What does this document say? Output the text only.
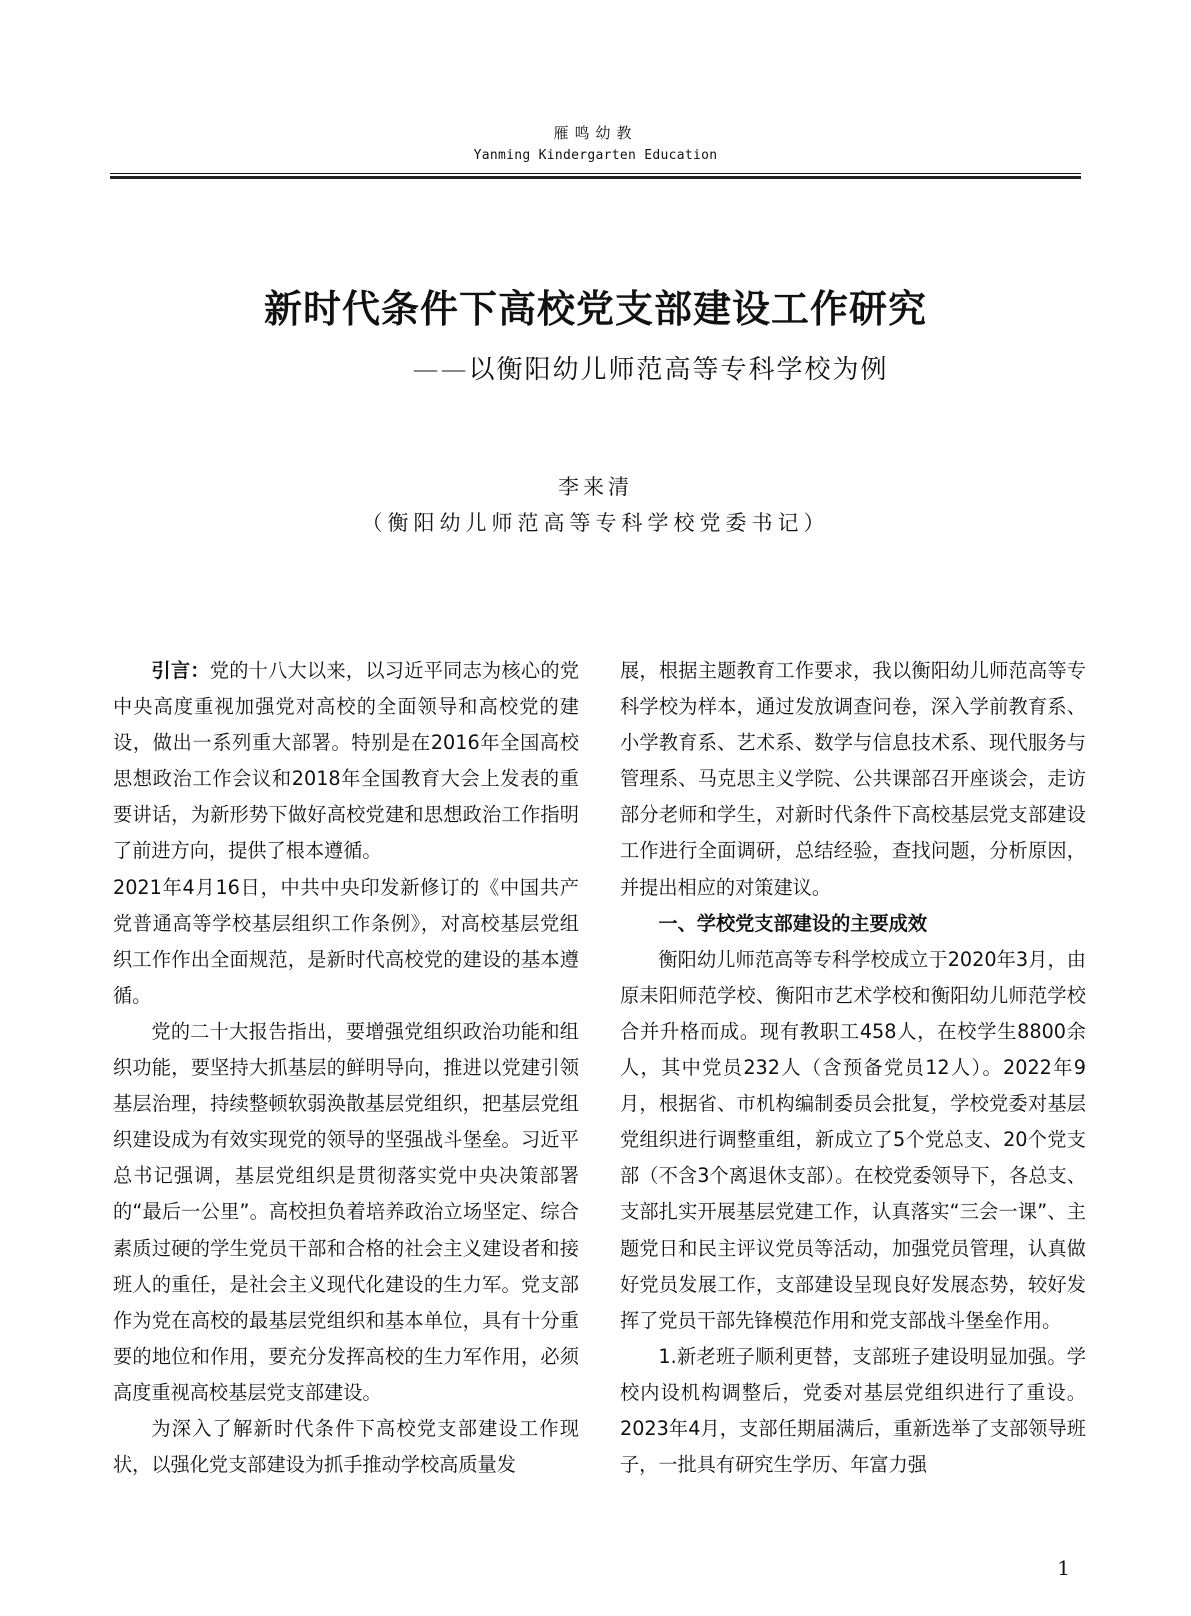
雁鸣幼教
Yanming Kindergarten Education
新时代条件下高校党支部建设工作研究
——以衡阳幼儿师范高等专科学校为例
李来清
（衡阳幼儿师范高等专科学校党委书记）

引言：党的十八大以来，以习近平同志为核心的党中央高度重视加强党对高校的全面领导和高校党的建设，做出一系列重大部署。特别是在2016年全国高校思想政治工作会议和2018年全国教育大会上发表的重要讲话，为新形势下做好高校党建和思想政治工作指明了前进方向，提供了根本遵循。

2021年4月16日，中共中央印发新修订的《中国共产党普通高等学校基层组织工作条例》，对高校基层党组织工作作出全面规范，是新时代高校党的建设的基本遵循。

党的二十大报告指出，要增强党组织政治功能和组织功能，要坚持大抓基层的鲜明导向，推进以党建引领基层治理，持续整顿软弱涣散基层党组织，把基层党组织建设成为有效实现党的领导的坚强战斗堡垒。习近平总书记强调，基层党组织是贯彻落实党中央决策部署的“最后一公里”。高校担负着培养政治立场坚定、综合素质过硬的学生党员干部和合格的社会主义建设者和接班人的重任，是社会主义现代化建设的生力军。党支部作为党在高校的最基层党组织和基本单位，具有十分重要的地位和作用，要充分发挥高校的生力军作用，必须高度重视高校基层党支部建设。

为深入了解新时代条件下高校党支部建设工作现状，以强化党支部建设为抓手推动学校高质量发

展，根据主题教育工作要求，我以衡阳幼儿师范高等专科学校为样本，通过发放调查问卷，深入学前教育系、小学教育系、艺术系、数学与信息技术系、现代服务与管理系、马克思主义学院、公共课部召开座谈会，走访部分老师和学生，对新时代条件下高校基层党支部建设工作进行全面调研，总结经验，查找问题，分析原因，并提出相应的对策建议。

一、学校党支部建设的主要成效

衡阳幼儿师范高等专科学校成立于2020年3月，由原耒阳师范学校、衡阳市艺术学校和衡阳幼儿师范学校合并升格而成。现有教职工458人，在校学生8800余人，其中党员232人（含预备党员12人）。2022年9月，根据省、市机构编制委员会批复，学校党委对基层党组织进行调整重组，新成立了5个党总支、20个党支部（不含3个离退休支部）。在校党委领导下，各总支、支部扎实开展基层党建工作，认真落实“三会一课”、主题党日和民主评议党员等活动，加强党员管理，认真做好党员发展工作，支部建设呈现良好发展态势，较好发挥了党员干部先锋模范作用和党支部战斗堡垒作用。

1.新老班子顺利更替，支部班子建设明显加强。学校内设机构调整后，党委对基层党组织进行了重设。2023年4月，支部任期届满后，重新选举了支部领导班子，一批具有研究生学历、年富力强

1
